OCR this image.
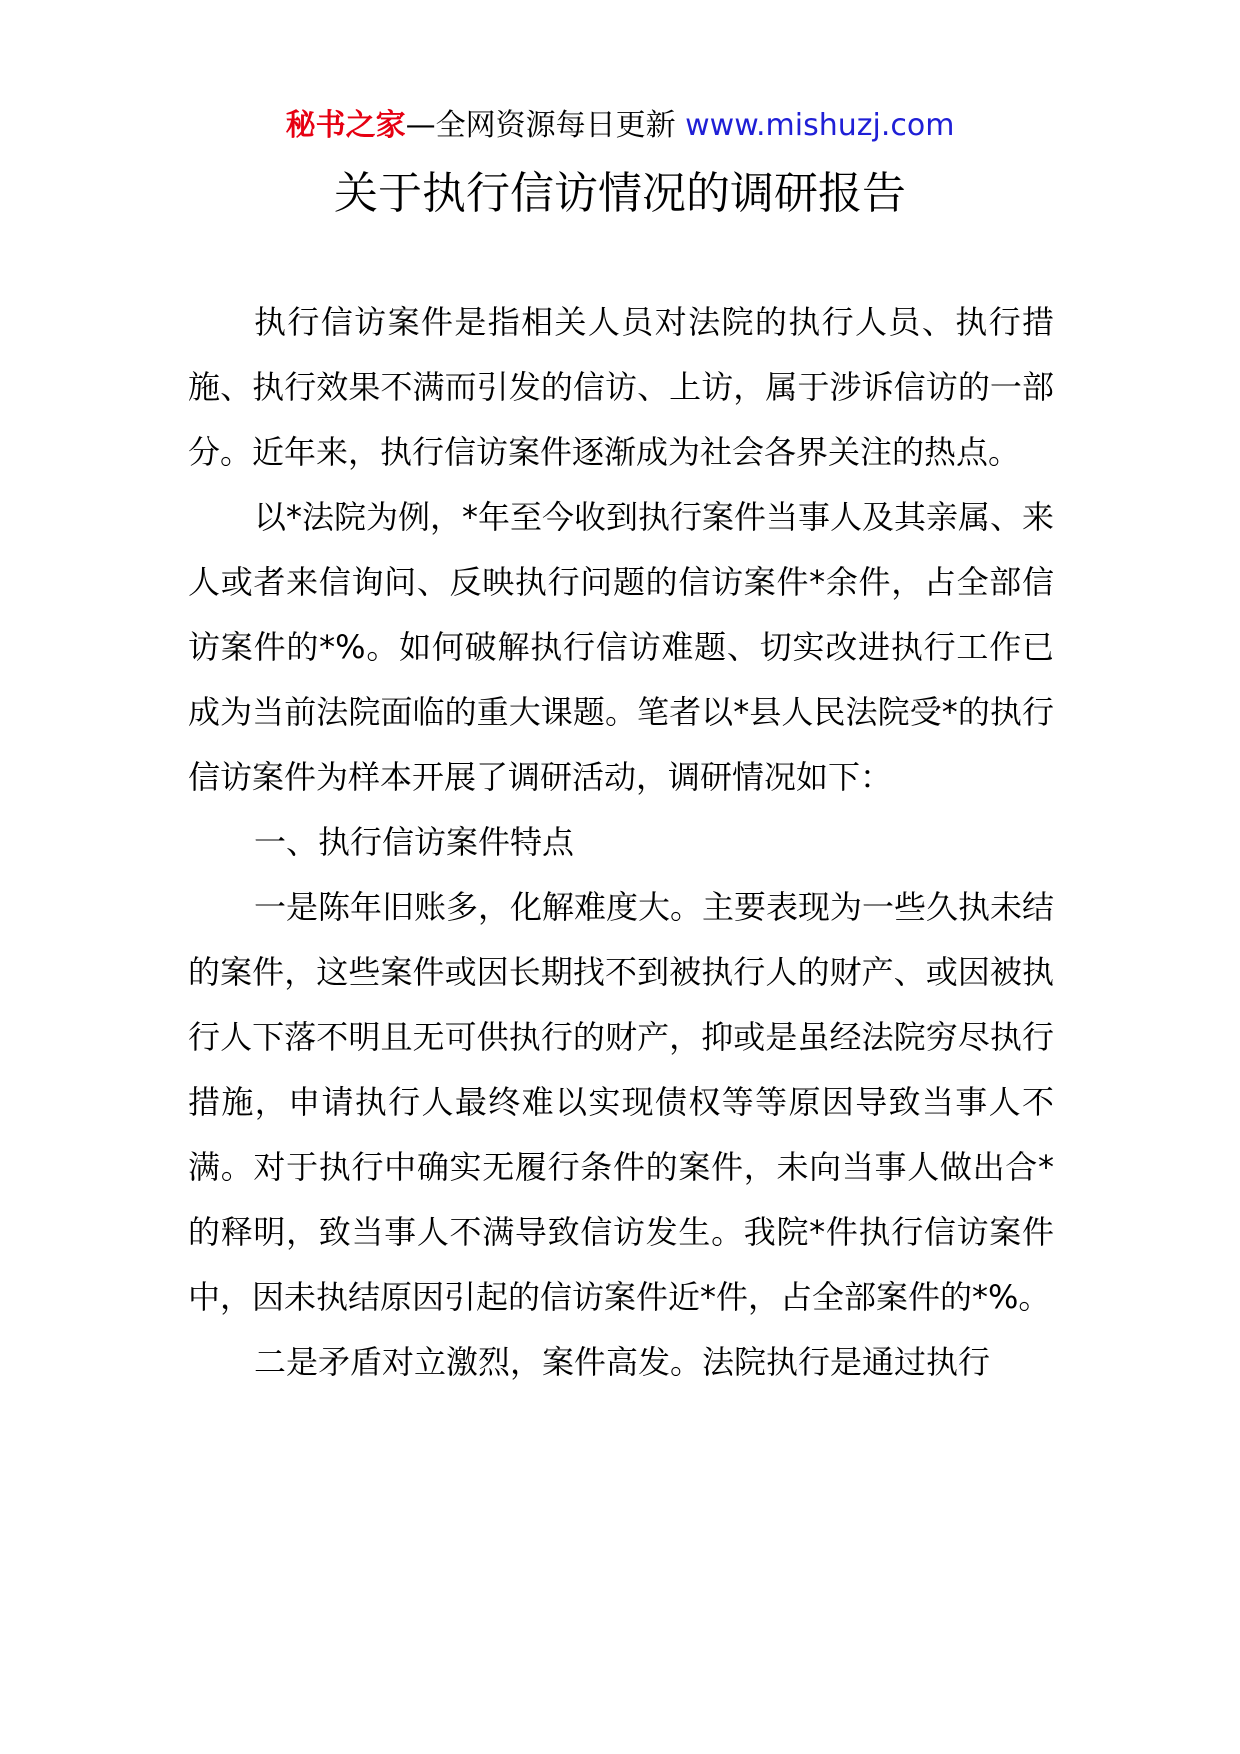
秘书之家—全网资源每日更新 www.mishuzj.com
关于执行信访情况的调研报告

执行信访案件是指相关人员对法院的执行人员、执行措施、执行效果不满而引发的信访、上访，属于涉诉信访的一部分。近年来，执行信访案件逐渐成为社会各界关注的热点。

以*法院为例，*年至今收到执行案件当事人及其亲属、来人或者来信询问、反映执行问题的信访案件*余件，占全部信访案件的*%。如何破解执行信访难题、切实改进执行工作已成为当前法院面临的重大课题。笔者以*县人民法院受*的执行信访案件为样本开展了调研活动，调研情况如下：

一、执行信访案件特点

一是陈年旧账多，化解难度大。主要表现为一些久执未结的案件，这些案件或因长期找不到被执行人的财产、或因被执行人下落不明且无可供执行的财产，抑或是虽经法院穷尽执行措施，申请执行人最终难以实现债权等等原因导致当事人不满。对于执行中确实无履行条件的案件，未向当事人做出合*的释明，致当事人不满导致信访发生。我院*件执行信访案件中，因未执结原因引起的信访案件近*件，占全部案件的*%。

二是矛盾对立激烈，案件高发。法院执行是通过执行
